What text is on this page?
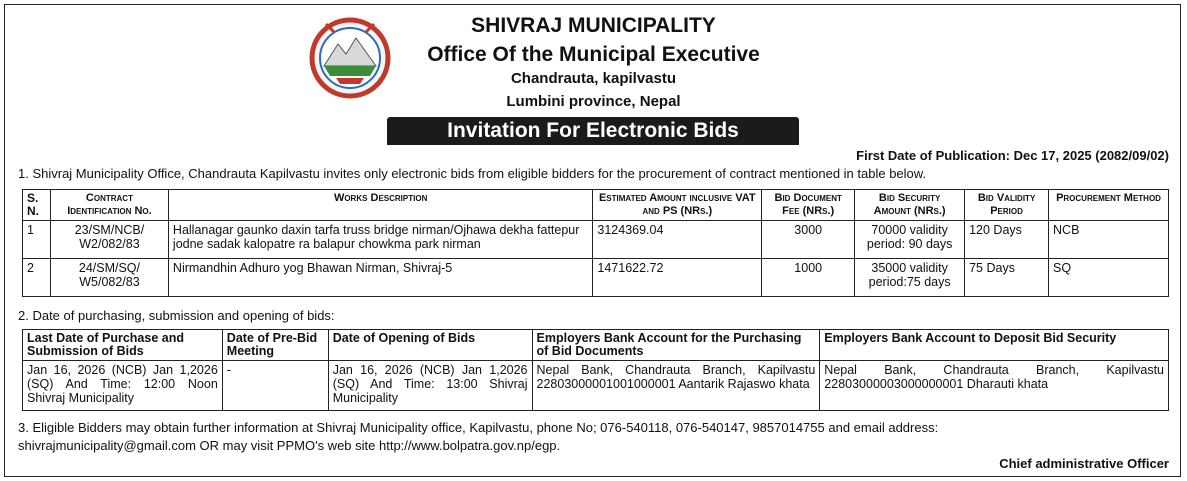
SHIVRAJ MUNICIPALITY
Office Of the Municipal Executive
Chandrauta, kapilvastu
Lumbini province, Nepal
Invitation For Electronic Bids
First Date of Publication: Dec 17, 2025 (2082/09/02)
1. Shivraj Municipality Office, Chandrauta Kapilvastu invites only electronic bids from eligible bidders for the procurement of contract mentioned in table below.

S. N.	Contract Identification No.	Works Description	Estimated Amount inclusive VAT and PS (NRs.)	Bid Document Fee (NRs.)	Bid Security Amount (NRs.)	Bid Validity Period	Procurement Method
1	23/SM/NCB/ W2/082/83	Hallanagar gaunko daxin tarfa truss bridge nirman/Ojhawa dekha fattepur jodne sadak kalopatre ra balapur chowkma park nirman	3124369.04	3000	70000 validity period: 90 days	120 Days	NCB
2	24/SM/SQ/ W5/082/83	Nirmandhin Adhuro yog Bhawan Nirman, Shivraj-5	1471622.72	1000	35000 validity period:75 days	75 Days	SQ
2. Date of purchasing, submission and opening of bids:
Last Date of Purchase and Submission of Bids	Date of Pre-Bid Meeting	Date of Opening of Bids	Employers Bank Account for the Purchasing of Bid Documents	Employers Bank Account to Deposit Bid Security
Jan 16, 2026 (NCB) Jan 1,2026 (SQ) And Time: 12:00 Noon Shivraj Municipality	-	Jan 16, 2026 (NCB) Jan 1,2026 (SQ) And Time: 13:00 Shivraj Municipality	Nepal Bank, Chandrauta Branch, Kapilvastu 22803000001001000001 Aantarik Rajaswo khata	Nepal Bank, Chandrauta Branch, Kapilvastu 22803000003000000001 Dharauti khata
3. Eligible Bidders may obtain further information at Shivraj Municipality office, Kapilvastu, phone No; 076-540118, 076-540147, 9857014755 and email address:
shivrajmunicipality@gmail.com OR may visit PPMO's web site http://www.bolpatra.gov.np/egp.
Chief administrative Officer
